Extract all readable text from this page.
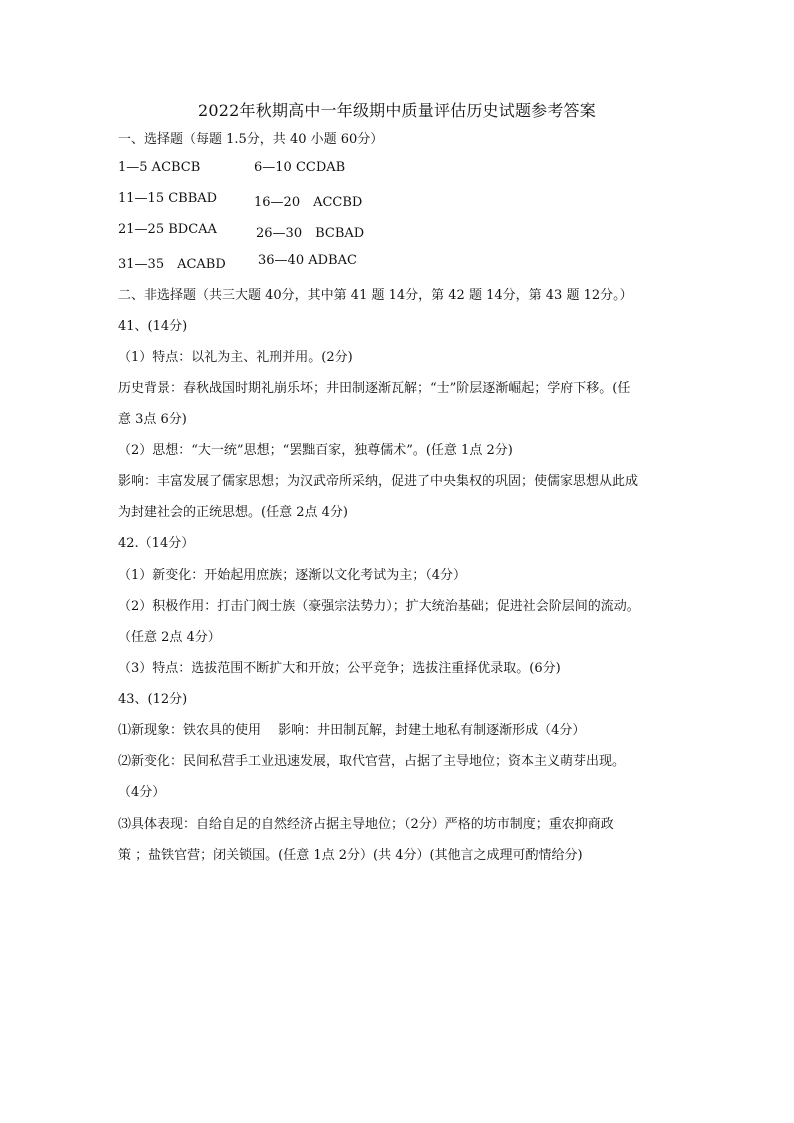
2022年秋期高中一年级期中质量评估历史试题参考答案
一、选择题（每题 1.5分，共 40 小题 60分）
1—5 ACBCB	6—10 CCDAB
11—15 CBBAD	16—20　ACCBD
21—25 BDCAA	26—30　BCBAD
31—35　ACABD 36—40 ADBAC
二、非选择题（共三大题 40分，其中第 41 题 14分，第 42 题 14分，第 43 题 12分。）
41、(14分)
（1）特点：以礼为主、礼刑并用。(2分)
历史背景：春秋战国时期礼崩乐坏；井田制逐渐瓦解；“士”阶层逐渐崛起；学府下移。(任
意 3点 6分)
（2）思想：“大一统”思想；“罢黜百家，独尊儒术”。(任意 1点 2分)
影响：丰富发展了儒家思想；为汉武帝所采纳，促进了中央集权的巩固；使儒家思想从此成
为封建社会的正统思想。(任意 2点 4分)
42.（14分）
（1）新变化：开始起用庶族；逐渐以文化考试为主；（4分）
（2）积极作用：打击门阀士族（豪强宗法势力）；扩大统治基础；促进社会阶层间的流动。
（任意 2点 4分）
（3）特点：选拔范围不断扩大和开放；公平竞争；选拔注重择优录取。(6分)
43、(12分)
⑴新现象：铁农具的使用　 影响：井田制瓦解，封建土地私有制逐渐形成（4分）
⑵新变化：民间私营手工业迅速发展，取代官营，占据了主导地位；资本主义萌芽出现。
（4分）
⑶具体表现：自给自足的自然经济占据主导地位；（2分）严格的坊市制度；重农抑商政
策 ；盐铁官营；闭关锁国。(任意 1点 2分）(共 4分）(其他言之成理可酌情给分)
